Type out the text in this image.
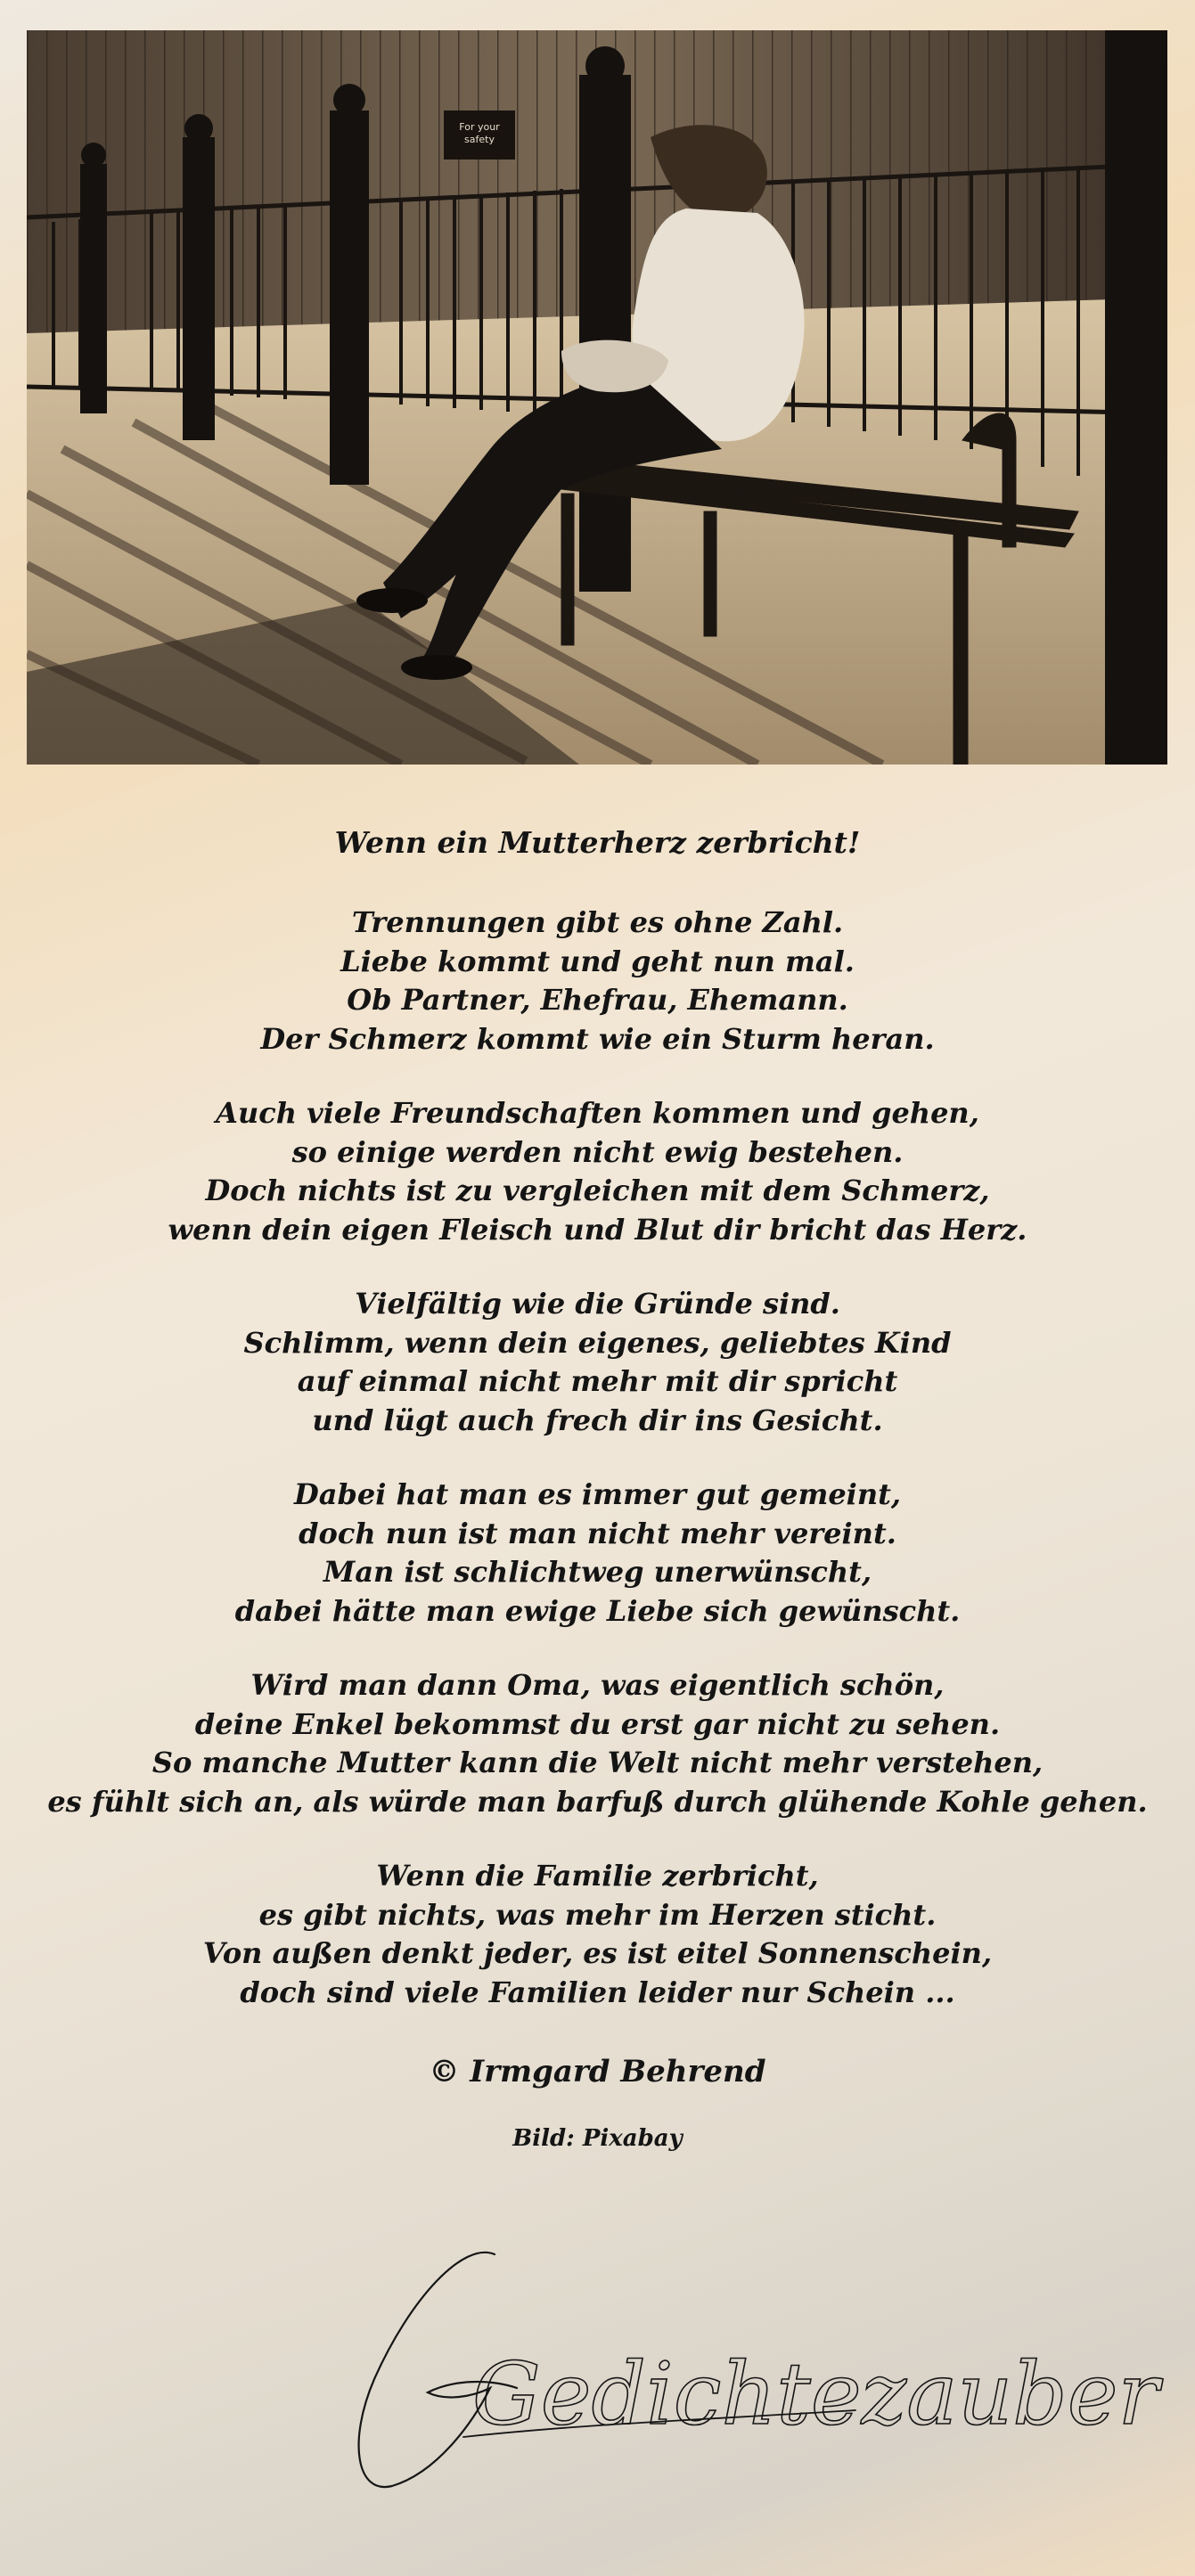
For your
safety
Wenn ein Mutterherz zerbricht!
Trennungen gibt es ohne Zahl.
Liebe kommt und geht nun mal.
Ob Partner, Ehefrau, Ehemann.
Der Schmerz kommt wie ein Sturm heran.
Auch viele Freundschaften kommen und gehen,
so einige werden nicht ewig bestehen.
Doch nichts ist zu vergleichen mit dem Schmerz,
wenn dein eigen Fleisch und Blut dir bricht das Herz.
Vielfältig wie die Gründe sind.
Schlimm, wenn dein eigenes, geliebtes Kind
auf einmal nicht mehr mit dir spricht
und lügt auch frech dir ins Gesicht.
Dabei hat man es immer gut gemeint,
doch nun ist man nicht mehr vereint.
Man ist schlichtweg unerwünscht,
dabei hätte man ewige Liebe sich gewünscht.
Wird man dann Oma, was eigentlich schön,
deine Enkel bekommst du erst gar nicht zu sehen.
So manche Mutter kann die Welt nicht mehr verstehen,
es fühlt sich an, als würde man barfuß durch glühende Kohle gehen.
Wenn die Familie zerbricht,
es gibt nichts, was mehr im Herzen sticht.
Von außen denkt jeder, es ist eitel Sonnenschein,
doch sind viele Familien leider nur Schein ...
© Irmgard Behrend
Bild: Pixabay
Gedichtezauber
